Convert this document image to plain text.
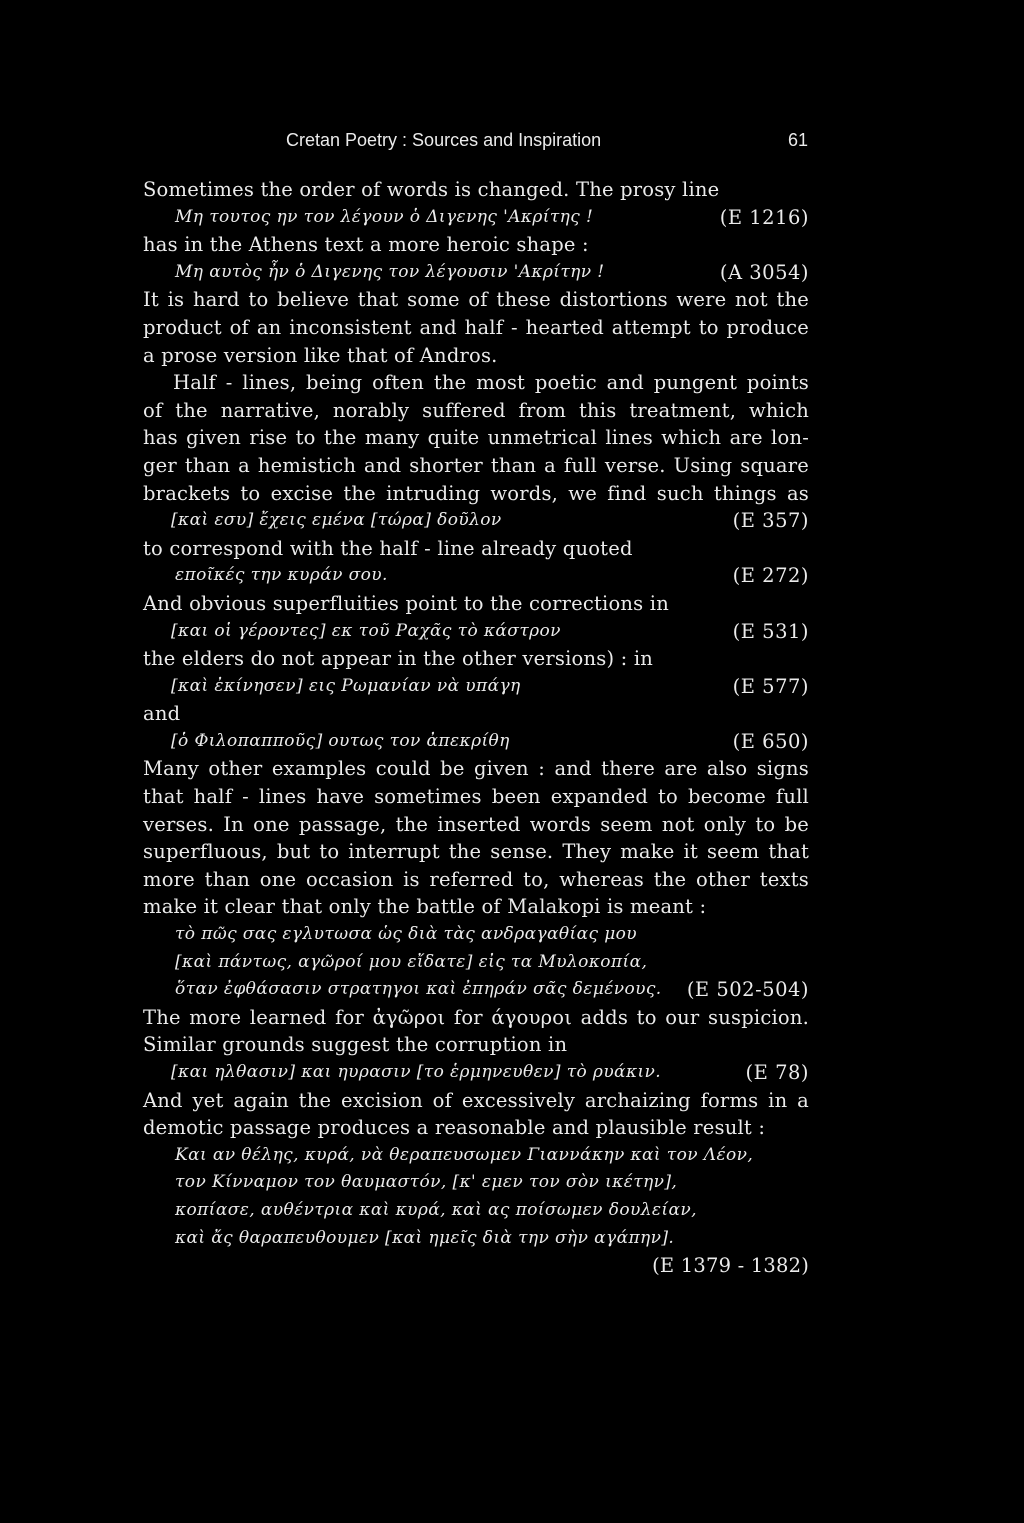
Cretan Poetry : Sources and Inspiration	61
Sometimes the order of words is changed. The prosy line
Μη τουτος ην τον λέγουν ὁ Διγενης 'Ακρίτης !	(E 1216)
has in the Athens text a more heroic shape :
Μη αυτὸς ἦν ὁ Διγενης τον λέγουσιν 'Ακρίτην !	(A 3054)
It is hard to believe that some of these distortions were not the
product of an inconsistent and half - hearted attempt to produce
a prose version like that of Andros.
Half - lines, being often the most poetic and pungent points
of the narrative, norably suffered from this treatment, which
has given rise to the many quite unmetrical lines which are lon-
ger than a hemistich and shorter than a full verse. Using square
brackets to excise the intruding words, we find such things as
[καὶ εσυ] ἔχεις εμένα [τώρα] δοῦλον	(E 357)
to correspond with the half - line already quoted
εποῖκές την κυράν σου.	(E 272)
And obvious superfluities point to the corrections in
[και οἱ γέροντες] εκ τοῦ Ραχᾶς τὸ κάστρον	(E 531)
the elders do not appear in the other versions) : in
[καὶ ἐκίνησεν] εις Ρωμανίαν νὰ υπάγη	(E 577)
and
[ὁ Φιλοπαπποῦς] ουτως τον ἀπεκρίθη	(E 650)
Many other examples could be given : and there are also signs
that half - lines have sometimes been expanded to become full
verses. In one passage, the inserted words seem not only to be
superfluous, but to interrupt the sense. They make it seem that
more than one occasion is referred to, whereas the other texts
make it clear that only the battle of Malakopi is meant :
τὸ πῶς σας εγλυτωσα ὡς διὰ τὰς ανδραγαθίας μου
[καὶ πάντως, αγῶροί μου εἴδατε] εἰς τα Μυλοκοπία,
ὅταν ἐφθάσασιν στρατηγοι καὶ ἐπηράν σᾶς δεμένους. (E 502-504)
The more learned for ἀγῶροι for άγουροι adds to our suspicion.
Similar grounds suggest the corruption in
[και ηλθασιν] και ηυρασιν [το ἑρμηνευθεν] τὸ ρυάκιν.	(E 78)
And yet again the excision of excessively archaizing forms in a
demotic passage produces a reasonable and plausible result :
Και αν θέλης, κυρά, νὰ θεραπευσωμεν Γιαννάκην καὶ τον Λέον,
τον Κίνναμον τον θαυμαστόν, [κ' εμεν τον σὸν ικέτην],
κοπίασε, αυθέντρια καὶ κυρά, καὶ ας ποίσωμεν δουλείαν,
καὶ ἄς θαραπευθουμεν [καὶ ημεῖς διὰ την σὴν αγάπην].
(E 1379 - 1382)
